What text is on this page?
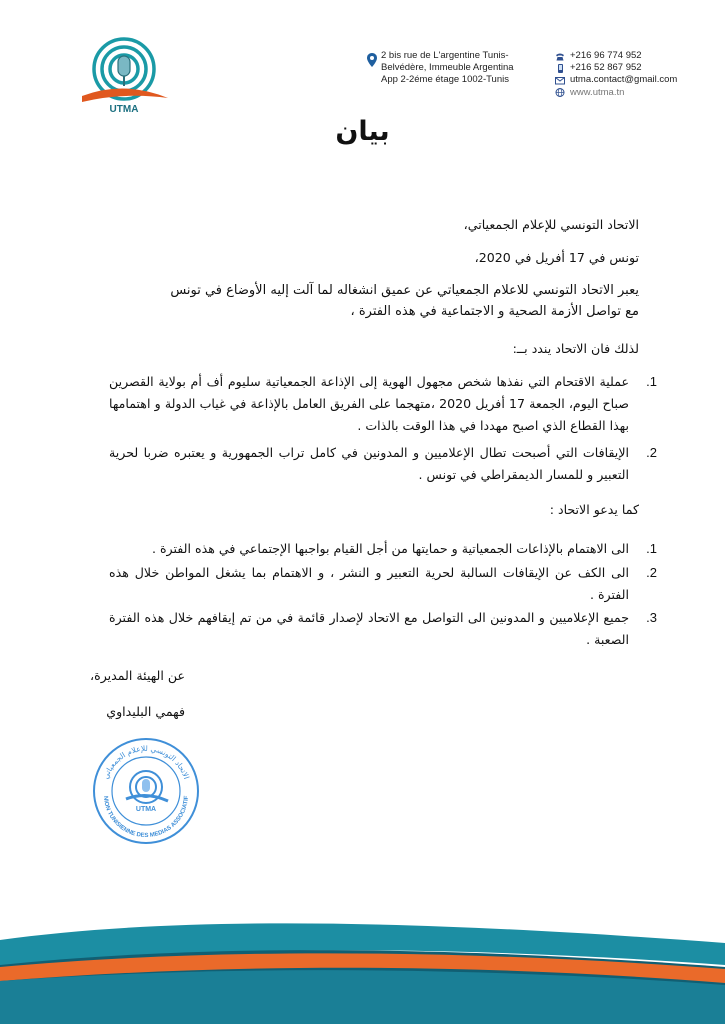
UTMA
2 bis rue de L'argentine Tunis-
Belvédère, Immeuble Argentina
App 2-2éme étage 1002-Tunis
+216 96 774 952
+216 52 867 952
utma.contact@gmail.com
www.utma.tn
بيان
الاتحاد التونسي للإعلام الجمعياتي،
تونس في 17 أفريل في 2020،
يعبر الاتحاد التونسي للاعلام الجمعياتي عن عميق انشغاله لما آلت إليه الأوضاع في تونس
مع تواصل الأزمة الصحية و الاجتماعية في هذه الفترة ،
لذلك فان الاتحاد يندد بــ:
.1
عملية الاقتحام التي نفذها شخص مجهول الهوية إلى الإذاعة الجمعياتية سليوم أف أم بولاية القصرين صباح اليوم، الجمعة 17 أفريل 2020 ،متهجما على الفريق العامل بالإذاعة في غياب الدولة و اهتمامها بهذا القطاع الذي اصبح مهددا في هذا الوقت بالذات .
.2
الإيقافات التي أصبحت تطال الإعلاميين و المدونين في كامل تراب الجمهورية و يعتبره ضربا لحرية التعبير و للمسار الديمقراطي في تونس .
كما يدعو الاتحاد :
.1
الى الاهتمام بالإذاعات الجمعياتية و حمايتها من أجل القيام بواجبها الإجتماعي في هذه الفترة .
.2
الى الكف عن الإيقافات السالبة لحرية التعبير و النشر ، و الاهتمام بما يشغل المواطن خلال هذه الفترة .
.3
جميع الإعلاميين و المدونين الى التواصل مع الاتحاد لإصدار قائمة في من تم إيقافهم خلال هذه الفترة الصعبة .
عن الهيئة المديرة،
فهمي البليداوي
الاتحاد التونسي للإعلام الجمعياتي
NION TUNISIENNE DES MEDIAS ASSOCIATIF
UTMA
